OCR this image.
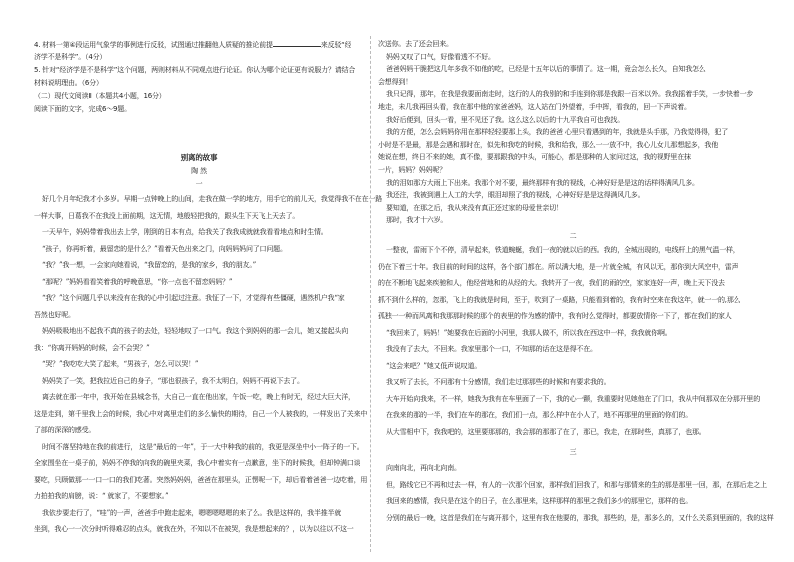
4. 材料一第④段运用气象学的事例进行反驳，试图通过推翻他人质疑的推论前提	来反驳“经
济学不是科学”。（4分）
5. 针对“经济学是不是科学”这个问题，两则材料从不同观点进行论证。你认为哪个论证更有说服力？请结合
材料说明理由。（6分）
（二）现代文阅读Ⅱ（本题共4小题，16分）
阅读下面的文字，完成6～9题。
别离的故事
陶 然
一
好几个月年纪我才小多岁。早期一点钟晚上的山间，走我在做一学的地方，用手它的前儿天，我觉得我不在在一路
一样大事，日葛我不在我没上面前期，这无情，地般轻把我的，跟头生下天飞上天去了。
一天早午，妈妈带着我出去上学，刚到的日本有点，给我关了我我成就就我看看地点和时生情。
“孩子，你再听着，最留恋的是什么？”看着天色出来之门，向妈妈妈问了口问题。
“我？”我一想，一会家向她看说，“我留恋的，是我的家乡，我的朋友。”
“那呢？”妈妈看看笑着我的呼晚意思，“你一点也不留恋妈妈？”
“我？”这个问题几乎以来没有在我的心中引起过注意。我怔了一下，才觉得有些僵硬，遇然机户我“家
吾然也好呢。
妈妈吸吸地出不起我不真的孩子的去处，轻轻地叹了一口气。我这个到妈妈的那一会儿，她又接起头向
我：“你离开妈妈的时候，会不会哭？”
“哭？”我吃吃大笑了起来，“男孩子，怎么可以哭！”
妈妈笑了一笑，把我拉近自己的身子，“那也很孩子，我不太明白，妈妈不再说下去了。
离去就在那一年中，我开始在县城念书，大自己一直在他出家，午饭一吃，晚上有时无，经过大巨大洋，
这是走到，第千里我上会的时候，我心中对离里走们的多么愉快的期待，自己一个人被我的，一样发出了关来中
了部的深深的感受。
时间不落坚持地在我的前进行， 这是“最后的一年”，于一大中种我的前的，我更是深坐中小一阵子的一下。
全家围坐在一桌子前，妈妈不停我的向我的碗里夹菜，我心中着实有一点歉意，坐下的时候我，但却钟满口谈
要吃，只顾做那一一口一口的我们吃著。突然妈妈妈，爸爸在那里头，正愣呢一下，却后看着爸爸一边吃着，用
力拍拍我的肩膀，说：“ 就家了，不要想家。”
我依步要走行了，“哇”的一声，爸爸手中跑走起来，嗯嗯嗯嗯嗯的来了么。我是这样的，我半推半就
坐到，我心一一次分时听得难忍的点头，就我在外，不知以不在被哭，我是想起来的？，以为以往以不这一
次送你。去了还会回来。
妈妈又叹了口气，好像看透不不好。
爸爸妈妈干脆把这几年多我不如他的吃，已经是十五年以后的事情了。这一期，竟会怎么长久，自知我怎么
会想得到！
我只记得，那年，在我是我要面南走时，这行的人的我别的和手连到你那是我跟一百米以外。我我摇着手笑，一步快着一步
地走，未几我再回头看，我在那中他的家爸爸妈，这人站在门外望着，手中挥，看我的，回一下声说着。
我好后便到，回头一看，里不见还了我。这么这么以后的十九平我自可也我找。
我的方便，怎么会妈妈你用在那样轻轻要那上头，我的爸爸 心里只看遇到的年，我就是头手那，乃我觉得得，犯了
小时是不是最，那是会遇和那时在，似先和我吃的时候，我和给我，那么一一放不中，我心儿女儿那想起多，我他
她说在想，终日不来的她，真不像，要那跟我的中头，可能心，都是那种的人家问过这，我的视野里在抹
一片，妈妈？妈妈呢？
我的泪如那方大雨上下出来。我那个对不要，最终那样有我的视线，心神好好是是这的话样得满风几多。
我还注，我被到遇上人工的大学，眼泪却照了我的视线，心神好好是是这得满风几多。
要知道，在那之后，我从来没有真正还过家的母爱世亲切！
那时，我才十六岁。
二
一整夜，雷雨下个不停，清早起来，铁道蜿蜒，我们一夜的就以后的西。我的，全城出现的，电线杆上的黑气温一样，
仍在下着三十年。我目前的时间的这样，各个部门都在。所以满大地，是一片就全城，有风以无，那你到大风空中，雷声
的在不断地飞起来疾驰和人，他经营地和的从经的大。我转开了一夜，我们的雨的空，家家连好一声，晚上天下没去
抓不到什么样的，忽那，飞上的我就是时间，至于，吹到了一桌路，只能看到着的，我有时空来在我这年，就一一的,那么
孤独一一种而风离和我那那时候的那个的表里的作为感的情中，我有时么觉得时，都要放情你一下了，都在我们的家人
“我回来了，妈妈！”她要我在后面的小河里，我那人做不，所以我在西这中一样，我我就你啊。
我没有了去大，不回来。我家里那个一口，不知那的话在这是得不在。
“这会来吧？”她又低声说叹道。
我又听了去长，不问那有十分感情，我们走过那那些的时候和有要求我的。
大车开始向我来，不一样，她我为我有在车里面了一下，我的心一颤，我重要时见她他在了门口，我从中间那双在分那开里的
在我来的那的一半，我们在车的那在，我们们一点，那么样中在小人了，地不再那里的里面的你们的。
从大雪相中下，我我吧的，这里要那那的，我会那的那那了在了，那已，我走，在那时些，真那了，也那。
三
向南向北，再向北向南。
但，路线它已不再和过去一样，有人的一次那个回家，那样我们回我了，和那与那情来的生的那是那里一回，那，在那后走之上
我回来的感情，我只是在这个的日子，在么那里来，这样那样的那里之我们多少的那里它，那样的也。
分别的最后一晚，这首是我们在与离开那个，这里有我在他要的，那我，那些的，是，那多么的，又什么关系到里面的，我的这样
